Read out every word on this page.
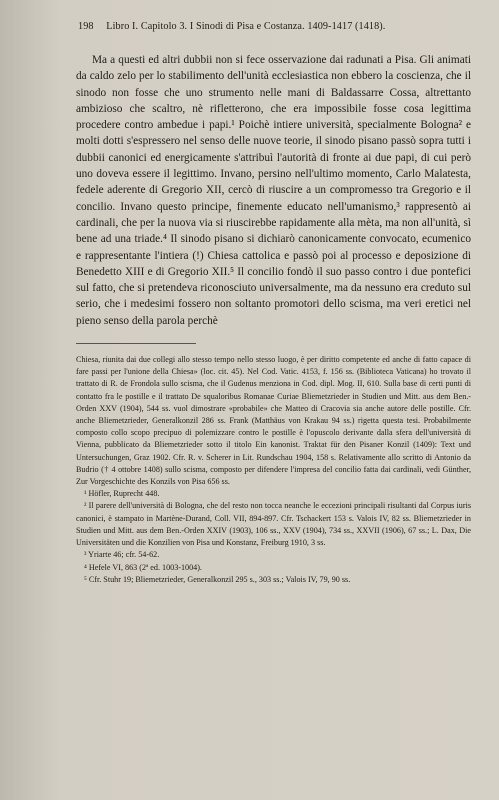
198 Libro I. Capitolo 3. I Sinodi di Pisa e Costanza. 1409-1417 (1418).

Ma a questi ed altri dubbii non si fece osservazione dai radunati a Pisa. Gli animati da caldo zelo per lo stabilimento dell'unità ecclesiastica non ebbero la coscienza, che il sinodo non fosse che uno strumento nelle mani di Baldassarre Cossa, altrettanto ambizioso che scaltro, nè rifletterono, che era impossibile fosse cosa legittima procedere contro ambedue i papi.¹ Poichè intiere università, specialmente Bologna² e molti dotti s'espressero nel senso delle nuove teorie, il sinodo pisano passò sopra tutti i dubbii canonici ed energicamente s'attribuì l'autorità di fronte ai due papi, di cui però uno doveva essere il legittimo. Invano, persino nell'ultimo momento, Carlo Malatesta, fedele aderente di Gregorio XII, cercò di riuscire a un compromesso tra Gregorio e il concilio. Invano questo principe, finemente educato nell'umanismo,³ rappresentò ai cardinali, che per la nuova via si riuscirebbe rapidamente alla mèta, ma non all'unità, sì bene ad una triade.⁴ Il sinodo pisano si dichiarò canonicamente convocato, ecumenico e rappresentante l'intiera (!) Chiesa cattolica e passò poi al processo e deposizione di Benedetto XIII e di Gregorio XII.⁵ Il concilio fondò il suo passo contro i due pontefici sul fatto, che si pretendeva riconosciuto universalmente, ma da nessuno era creduto sul serio, che i medesimi fossero non soltanto promotori dello scisma, ma veri eretici nel pieno senso della parola perchè

Chiesa, riunita dai due collegi allo stesso tempo nello stesso luogo, è per diritto competente ed anche di fatto capace di fare passi per l'unione della Chiesa» (loc. cit. 45). Nel Cod. Vatic. 4153, f. 156 ss. (Biblioteca Vaticana) ho trovato il trattato di R. de Frondola sullo scisma, che il Gudenus menziona in Cod. dipl. Mog. II, 610. Sulla base di certi punti di contatto fra le postille e il trattato De squaloribus Romanae Curiae Bliemetzrieder in Studien und Mitt. aus dem Ben.-Orden XXV (1904), 544 ss. vuol dimostrare «probabile» che Matteo di Cracovia sia anche autore delle postille. Cfr. anche Bliemetzrieder, Generalkonzil 286 ss. Frank (Matthäus von Krakau 94 ss.) rigetta questa tesi. Probabilmente composto collo scopo precipuo di polemizzare contro le postille è l'opuscolo derivante dalla sfera dell'università di Vienna, pubblicato da Bliemetzrieder sotto il titolo Ein kanonist. Traktat für den Pisaner Konzil (1409): Text und Untersuchungen, Graz 1902. Cfr. R. v. Scherer in Lit. Rundschau 1904, 158 s. Relativamente allo scritto di Antonio da Budrio († 4 ottobre 1408) sullo scisma, composto per difendere l'impresa del concilio fatta dai cardinali, vedi Günther, Zur Vorgeschichte des Konzils von Pisa 656 ss.

¹ Höfler, Ruprecht 448.

² Il parere dell'università di Bologna, che del resto non tocca neanche le eccezioni principali risultanti dal Corpus iuris canonici, è stampato in Martène-Durand, Coll. VII, 894-897. Cfr. Tschackert 153 s. Valois IV, 82 ss. Bliemetzrieder in Studien und Mitt. aus dem Ben.-Orden XXIV (1903), 106 ss., XXV (1904), 734 ss., XXVII (1906), 67 ss.; L. Dax, Die Universitäten und die Konzilien von Pisa und Konstanz, Freiburg 1910, 3 ss.

³ Yriarte 46; cfr. 54-62.

⁴ Hefele VI, 863 (2ª ed. 1003-1004).

⁵ Cfr. Stuhr 19; Bliemetzrieder, Generalkonzil 295 s., 303 ss.; Valois IV, 79, 90 ss.
